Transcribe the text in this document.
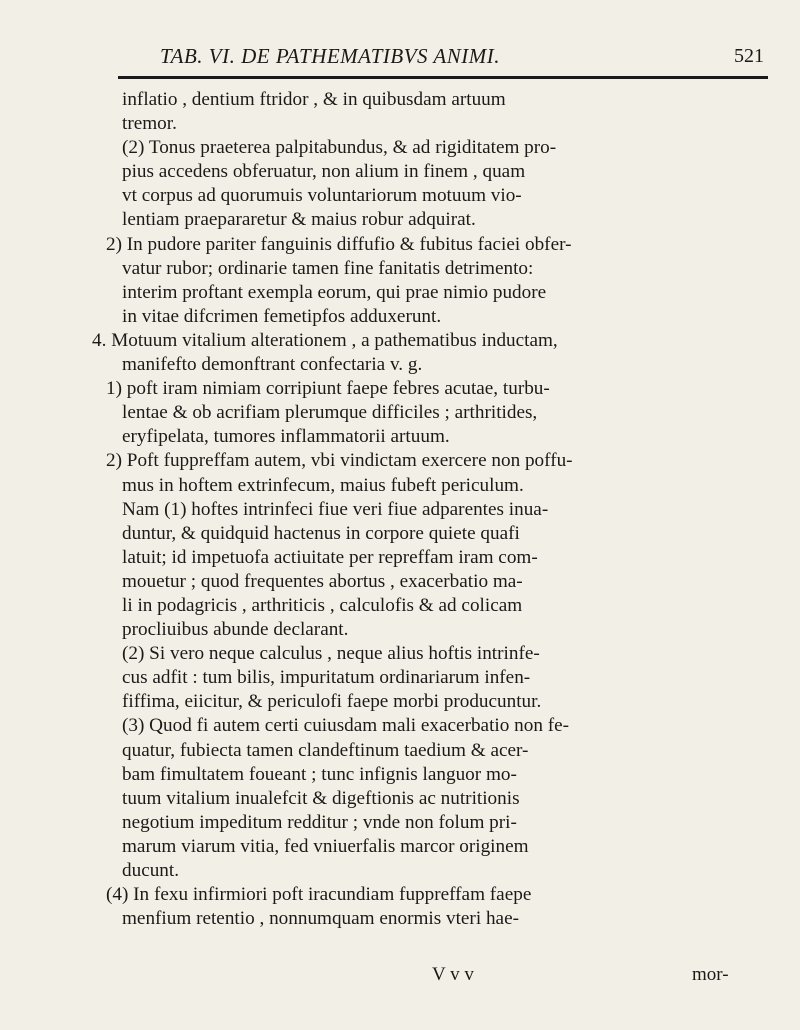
TAB. VI. DE PATHEMATIBVS ANIMI.	521
inflatio , dentium ftridor , & in quibusdam artuum
tremor.
(2) Tonus praeterea palpitabundus, & ad rigiditatem pro-
pius accedens obferuatur, non alium in finem , quam
vt corpus ad quorumuis voluntariorum motuum vio-
lentiam praepararetur & maius robur adquirat.
2) In pudore pariter fanguinis diffufio & fubitus faciei obfer-
vatur rubor; ordinarie tamen fine fanitatis detrimento:
interim proftant exempla eorum, qui prae nimio pudore
in vitae difcrimen femetipfos adduxerunt.
4. Motuum vitalium alterationem , a pathematibus inductam,
manifefto demonftrant confectaria v. g.
1) poft iram nimiam corripiunt faepe febres acutae, turbu-
lentae & ob acrifiam plerumque difficiles ; arthritides,
eryfipelata, tumores inflammatorii artuum.
2) Poft fuppreffam autem, vbi vindictam exercere non poffu-
mus in hoftem extrinfecum, maius fubeft periculum.
Nam (1) hoftes intrinfeci fiue veri fiue adparentes inua-
duntur, & quidquid hactenus in corpore quiete quafi
latuit; id impetuofa actiuitate per repreffam iram com-
mouetur ; quod frequentes abortus , exacerbatio ma-
li in podagricis , arthriticis , calculofis & ad colicam
procliuibus abunde declarant.
(2) Si vero neque calculus , neque alius hoftis intrinfe-
cus adfit : tum bilis, impuritatum ordinariarum infen-
fiffima, eiicitur, & periculofi faepe morbi producuntur.
(3) Quod fi autem certi cuiusdam mali exacerbatio non fe-
quatur, fubiecta tamen clandeftinum taedium & acer-
bam fimultatem foueant ; tunc infignis languor mo-
tuum vitalium inualefcit & digeftionis ac nutritionis
negotium impeditum redditur ; vnde non folum pri-
marum viarum vitia, fed vniuerfalis marcor originem
ducunt.
(4) In fexu infirmiori poft iracundiam fuppreffam faepe
menfium retentio , nonnumquam enormis vteri hae-
V v v	mor-
